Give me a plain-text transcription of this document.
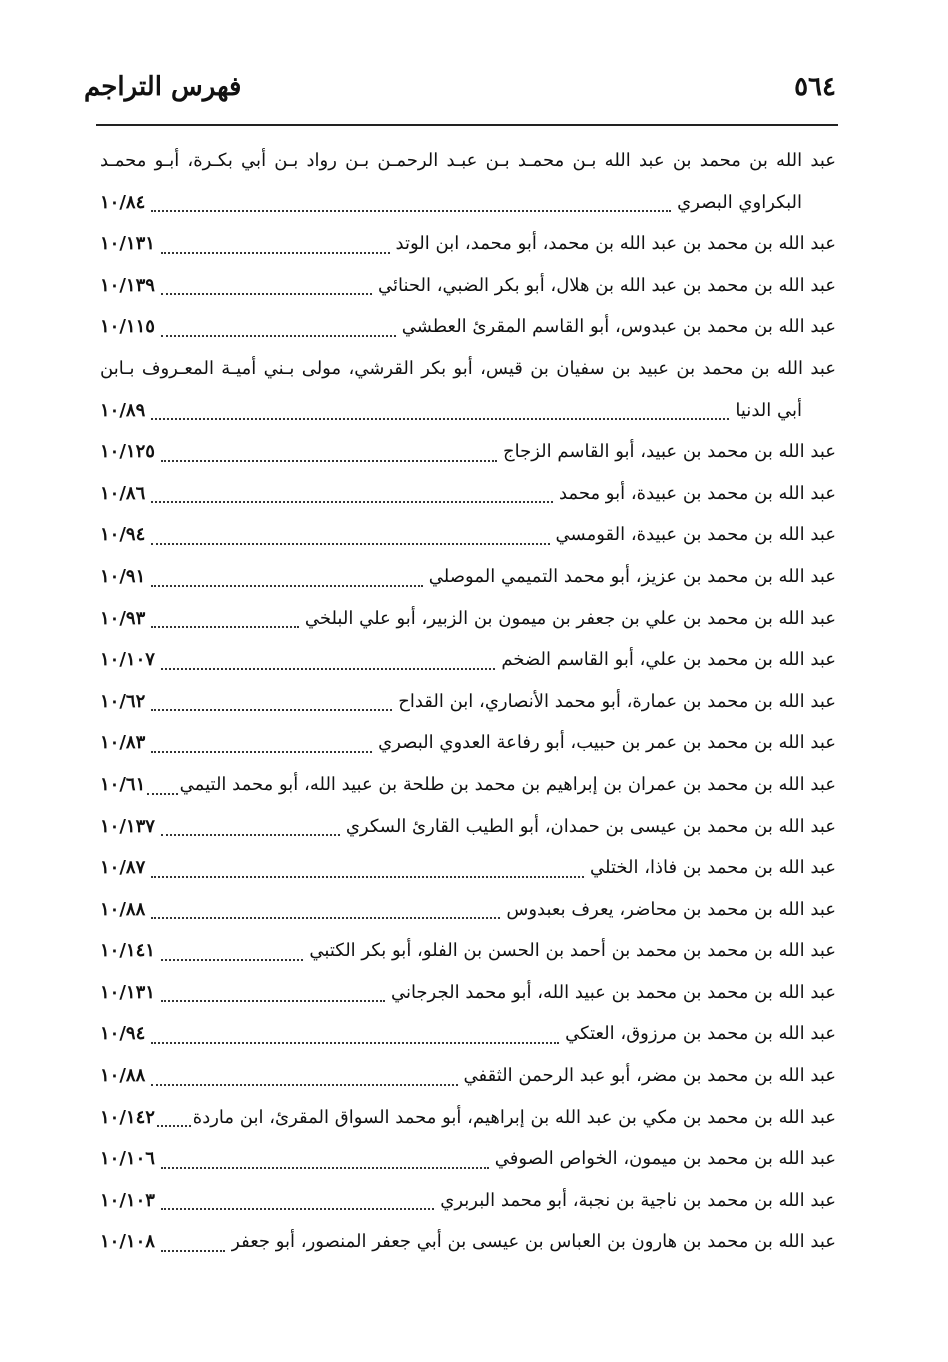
٥٦٤
فهرس التراجم
عبد الله بن محمد بن عبد الله بـن محمـد بـن عبـد الرحمـن بـن رواد بـن أبي بكـرة، أبـو محمـد
البكراوي البصري
١٠/٨٤
عبد الله بن محمد بن عبد الله بن محمد، أبو محمد، ابن الوتد
١٠/١٣١
عبد الله بن محمد بن عبد الله بن هلال، أبو بكر الضبي، الحنائي
١٠/١٣٩
عبد الله بن محمد بن عبدوس، أبو القاسم المقرئ العطشي
١٠/١١٥
عبد الله بن محمد بن عبيد بن سفيان بن قيس، أبو بكر القرشي، مولى بـني أميـة المعـروف بـابن
أبي الدنيا
١٠/٨٩
عبد الله بن محمد بن عبيد، أبو القاسم الزجاج
١٠/١٢٥
عبد الله بن محمد بن عبيدة، أبو محمد
١٠/٨٦
عبد الله بن محمد بن عبيدة، القومسي
١٠/٩٤
عبد الله بن محمد بن عزيز، أبو محمد التميمي الموصلي
١٠/٩١
عبد الله بن محمد بن علي بن جعفر بن ميمون بن الزبير، أبو علي البلخي
١٠/٩٣
عبد الله بن محمد بن علي، أبو القاسم الضخم
١٠/١٠٧
عبد الله بن محمد بن عمارة، أبو محمد الأنصاري، ابن القداح
١٠/٦٢
عبد الله بن محمد بن عمر بن حبيب، أبو رفاعة العدوي البصري
١٠/٨٣
عبد الله بن محمد بن عمران بن إبراهيم بن محمد بن طلحة بن عبيد الله، أبو محمد التيمي
١٠/٦١
عبد الله بن محمد بن عيسى بن حمدان، أبو الطيب القارئ السكري
١٠/١٣٧
عبد الله بن محمد بن فاذا، الختلي
١٠/٨٧
عبد الله بن محمد بن محاضر، يعرف بعبدوس
١٠/٨٨
عبد الله بن محمد بن محمد بن أحمد بن الحسن بن الفلو، أبو بكر الكتبي
١٠/١٤١
عبد الله بن محمد بن محمد بن عبيد الله، أبو محمد الجرجاني
١٠/١٣١
عبد الله بن محمد بن مرزوق، العتكي
١٠/٩٤
عبد الله بن محمد بن مضر، أبو عبد الرحمن الثقفي
١٠/٨٨
عبد الله بن محمد بن مكي بن عبد الله بن إبراهيم، أبو محمد السواق المقرئ، ابن ماردة
١٠/١٤٢
عبد الله بن محمد بن ميمون، الخواص الصوفي
١٠/١٠٦
عبد الله بن محمد بن ناجية بن نجبة، أبو محمد البربري
١٠/١٠٣
عبد الله بن محمد بن هارون بن العباس بن عيسى بن أبي جعفر المنصور، أبو جعفر
١٠/١٠٨
